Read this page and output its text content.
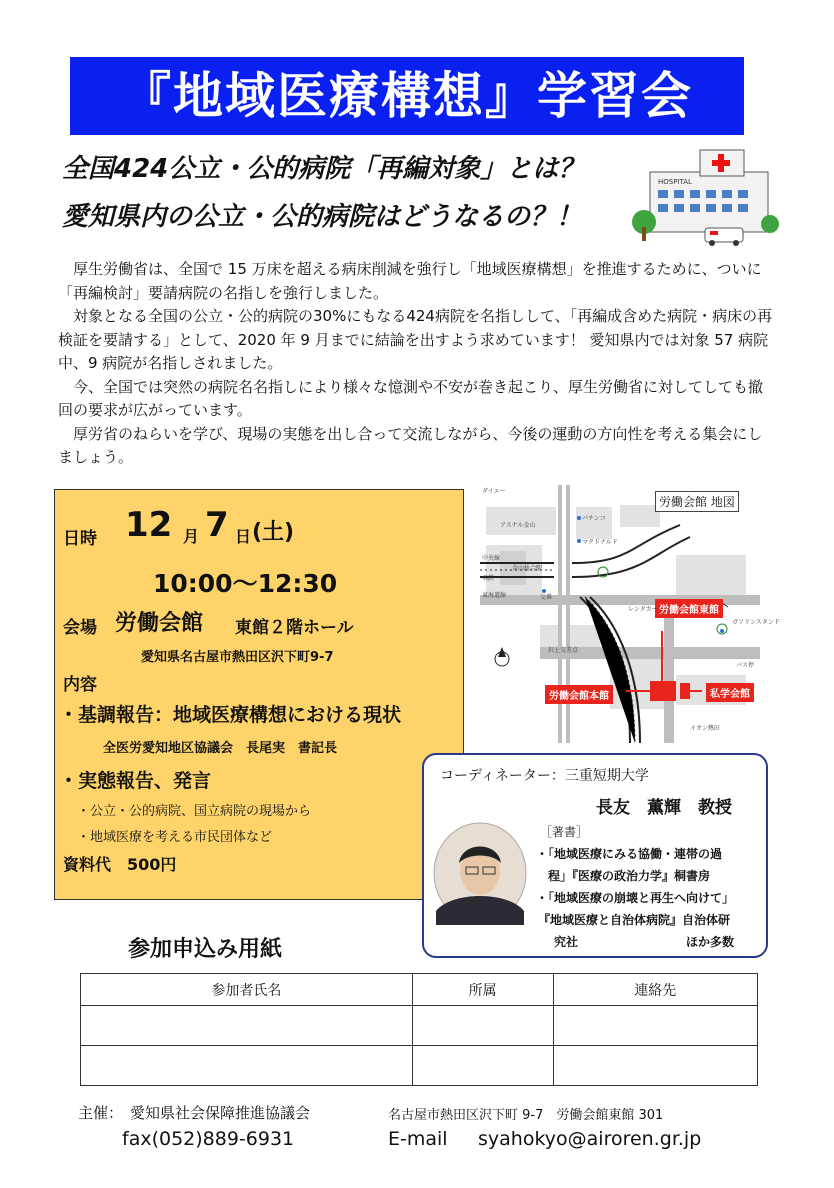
『地域医療構想』学習会
全国424公立・公的病院「再編対象」とは？
愛知県内の公立・公的病院はどうなるの？！
HOSPITAL

厚生労働省は、全国で 15 万床を超える病床削減を強行し「地域医療構想」を推進するために、ついに「再編検討」要請病院の名指しを強行しました。

対象となる全国の公立・公的病院の30%にもなる424病院を名指しして、「再編成含めた病院・病床の再検証を要請する」として、2020 年 9 月までに結論を出すよう求めています！ 愛知県内では対象 57 病院中、9 病院が名指しされました。

今、全国では突然の病院名名指しにより様々な憶測や不安が巻き起こり、厚生労働省に対してしても撤回の要求が広がっています。

厚労省のねらいを学び、現場の実態を出し合って交流しながら、今後の運動の方向性を考える集会にしましょう。

日時 12 月 7 日 (土)
10:00～12:30
会場 労働会館 東館２階ホール
愛知県名古屋市熱田区沢下町9-7
内容
・基調報告：地域医療構想における現状
全医労愛知地区協議会　長尾実　書記長
・実態報告、発言
・公立・公的病院、国立病院の現場から
・地域医療を考える市民団体など
資料代　500円
労働会館 地図
労働会館東館
労働会館本館	私学会館
ダイエー
アスナル金山
パチンコ
マクドナルド
中央線
名鉄
東海道線
金山総合駅
交番
レンタカー
ガソリンスタンド
バス停
イオン熱田
沢上交差点
コーディネーター：三重短期大学
長友　薫輝　教授
［著書］
・「地域医療にみる協働・連帯の過
程」『医療の政治力学』桐書房
・「地域医療の崩壊と再生へ向けて」
『地域医療と自治体病院』自治体研
究社	ほか多数
参加申込み用紙
参加者氏名	所属	連絡先

主催： 愛知県社会保障推進協議会	名古屋市熱田区沢下町 9-7　労働会館東館 301
fax(052)889-6931	E-mail syahokyo@airoren.gr.jp
